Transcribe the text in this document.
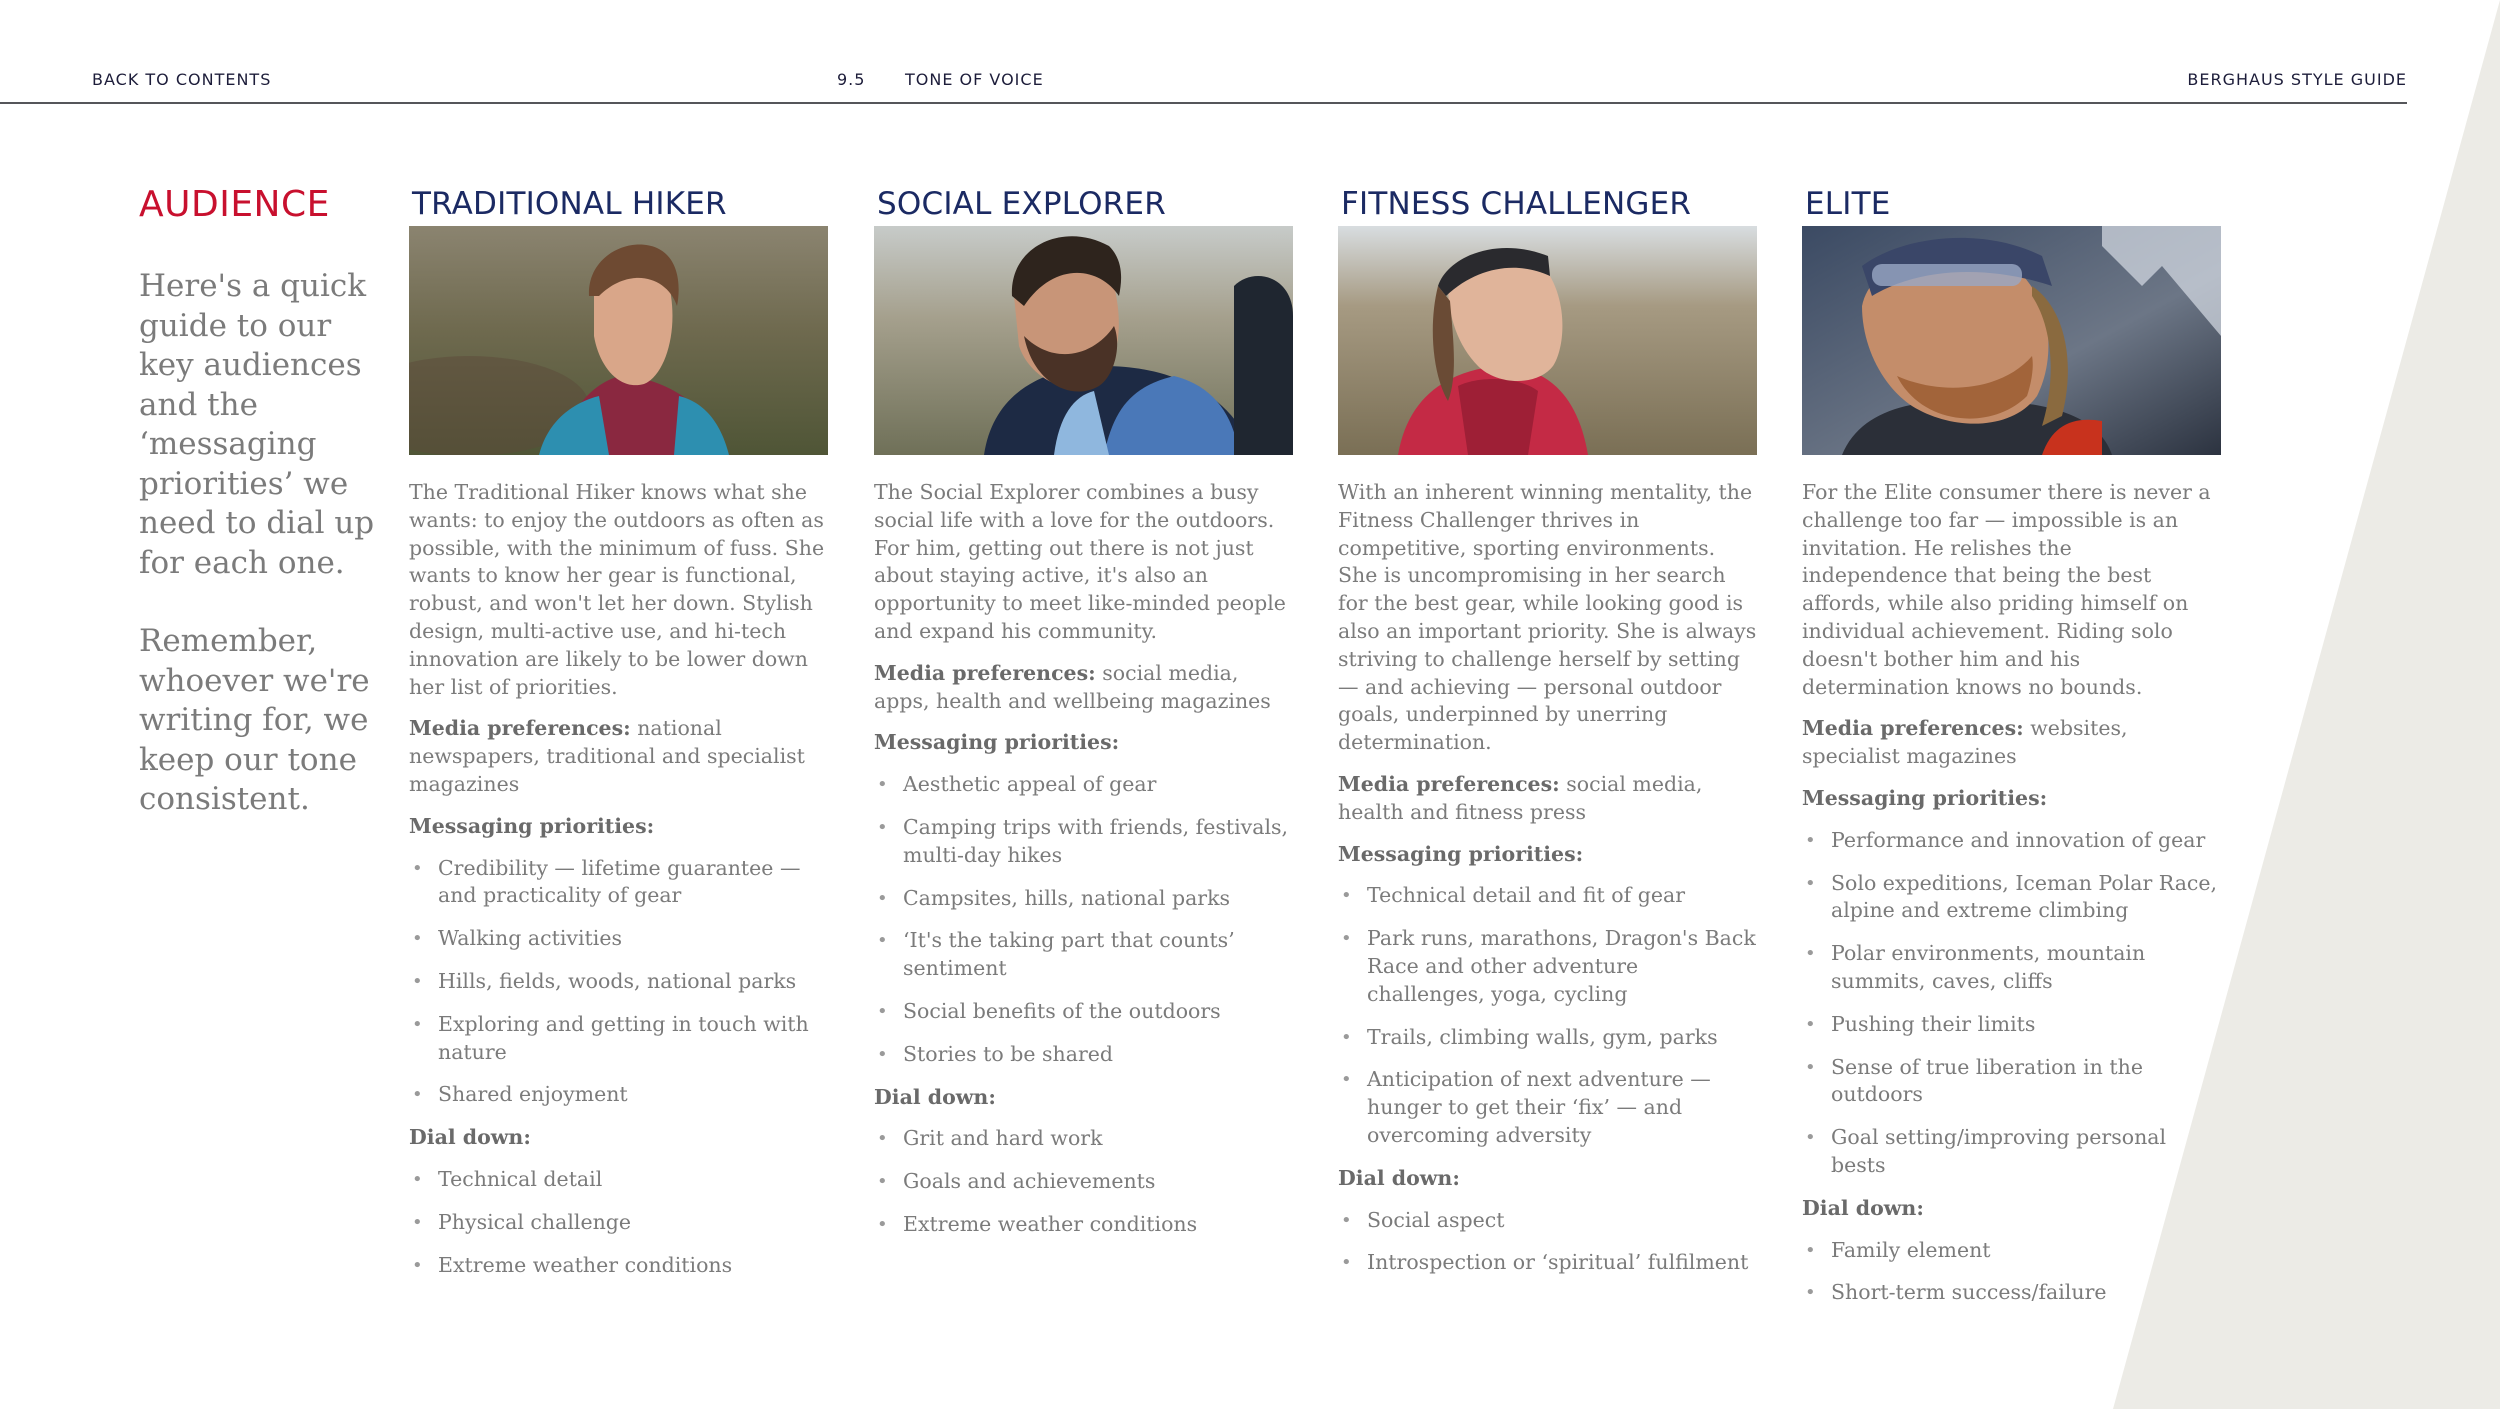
BACK TO CONTENTS	9.5 TONE OF VOICE	BERGHAUS STYLE GUIDE
AUDIENCE

Here's a quick guide to our key audiences and the ‘messaging priorities’ we need to dial up for each one.

Remember, whoever we're writing for, we keep our tone consistent.

TRADITIONAL HIKER

The Traditional Hiker knows what she wants: to enjoy the outdoors as often as possible, with the minimum of fuss. She wants to know her gear is functional, robust, and won't let her down. Stylish design, multi-active use, and hi-tech innovation are likely to be lower down her list of priorities.

Media preferences: national newspapers, traditional and specialist magazines

Messaging priorities:

• Credibility — lifetime guarantee — and practicality of gear
• Walking activities
• Hills, fields, woods, national parks
• Exploring and getting in touch with nature
• Shared enjoyment

Dial down:

• Technical detail
• Physical challenge
• Extreme weather conditions
SOCIAL EXPLORER

The Social Explorer combines a busy social life with a love for the outdoors. For him, getting out there is not just about staying active, it's also an opportunity to meet like-minded people and expand his community.

Media preferences: social media, apps, health and wellbeing magazines

Messaging priorities:

• Aesthetic appeal of gear
• Camping trips with friends, festivals, multi-day hikes
• Campsites, hills, national parks
• ‘It's the taking part that counts’ sentiment
• Social benefits of the outdoors
• Stories to be shared

Dial down:

• Grit and hard work
• Goals and achievements
• Extreme weather conditions
FITNESS CHALLENGER

With an inherent winning mentality, the Fitness Challenger thrives in competitive, sporting environments. She is uncompromising in her search for the best gear, while looking good is also an important priority. She is always striving to challenge herself by setting — and achieving — personal outdoor goals, underpinned by unerring determination.

Media preferences: social media, health and fitness press

Messaging priorities:

• Technical detail and fit of gear
• Park runs, marathons, Dragon's Back Race and other adventure challenges, yoga, cycling
• Trails, climbing walls, gym, parks
• Anticipation of next adventure — hunger to get their ‘fix’ — and overcoming adversity

Dial down:

• Social aspect
• Introspection or ‘spiritual’ fulfilment
ELITE

For the Elite consumer there is never a challenge too far — impossible is an invitation. He relishes the independence that being the best affords, while also priding himself on individual achievement. Riding solo doesn't bother him and his determination knows no bounds.

Media preferences: websites, specialist magazines

Messaging priorities:

• Performance and innovation of gear
• Solo expeditions, Iceman Polar Race, alpine and extreme climbing
• Polar environments, mountain summits, caves, cliffs
• Pushing their limits
• Sense of true liberation in the outdoors
• Goal setting/improving personal bests

Dial down:

• Family element
• Short-term success/failure
